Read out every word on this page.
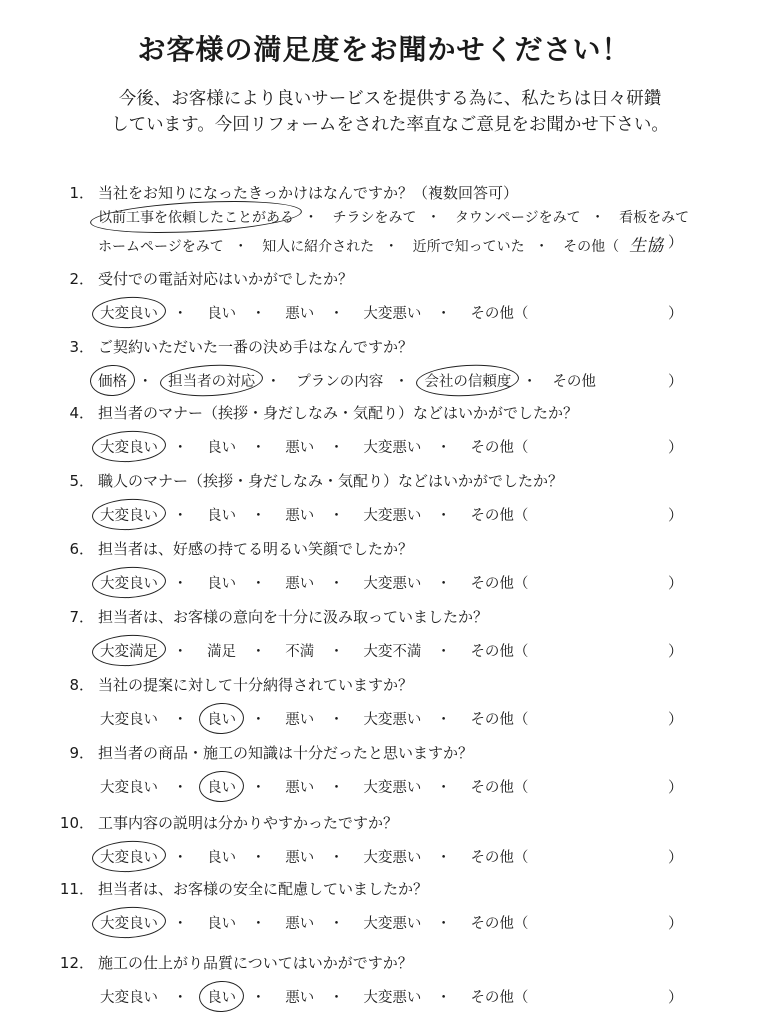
お客様の満足度をお聞かせください！
今後、お客様により良いサービスを提供する為に、私たちは日々研鑽
しています。今回リフォームをされた率直なご意見をお聞かせ下さい。
1． 当社をお知りになったきっかけはなんですか？（複数回答可）
以前工事を依頼したことがある ・ チラシをみて ・ タウンページをみて ・ 看板をみて
ホームページをみて ・ 知人に紹介された ・ 近所で知っていた ・ その他（ 生協 ）
2． 受付での電話対応はいかがでしたか？
大変良い ・ 良い ・ 悪い ・ 大変悪い ・ その他（	）
3． ご契約いただいた一番の決め手はなんですか？
価格 ・ 担当者の対応 ・ プランの内容 ・ 会社の信頼度 ・ その他	）
4． 担当者のマナー（挨拶・身だしなみ・気配り）などはいかがでしたか？
大変良い ・ 良い ・ 悪い ・ 大変悪い ・ その他（	）
5． 職人のマナー（挨拶・身だしなみ・気配り）などはいかがでしたか？
大変良い ・ 良い ・ 悪い ・ 大変悪い ・ その他（	）
6． 担当者は、好感の持てる明るい笑顔でしたか？
大変良い ・ 良い ・ 悪い ・ 大変悪い ・ その他（	）
7． 担当者は、お客様の意向を十分に汲み取っていましたか？
大変満足 ・ 満足 ・ 不満 ・ 大変不満 ・ その他（	）
8． 当社の提案に対して十分納得されていますか？
大変良い ・ 良い ・ 悪い ・ 大変悪い ・ その他（	）
9． 担当者の商品・施工の知識は十分だったと思いますか？
大変良い ・ 良い ・ 悪い ・ 大変悪い ・ その他（	）
10． 工事内容の説明は分かりやすかったですか？
大変良い ・ 良い ・ 悪い ・ 大変悪い ・ その他（	）
11． 担当者は、お客様の安全に配慮していましたか？
大変良い ・ 良い ・ 悪い ・ 大変悪い ・ その他（	）
12． 施工の仕上がり品質についてはいかがですか？
大変良い ・ 良い ・ 悪い ・ 大変悪い ・ その他（	）
